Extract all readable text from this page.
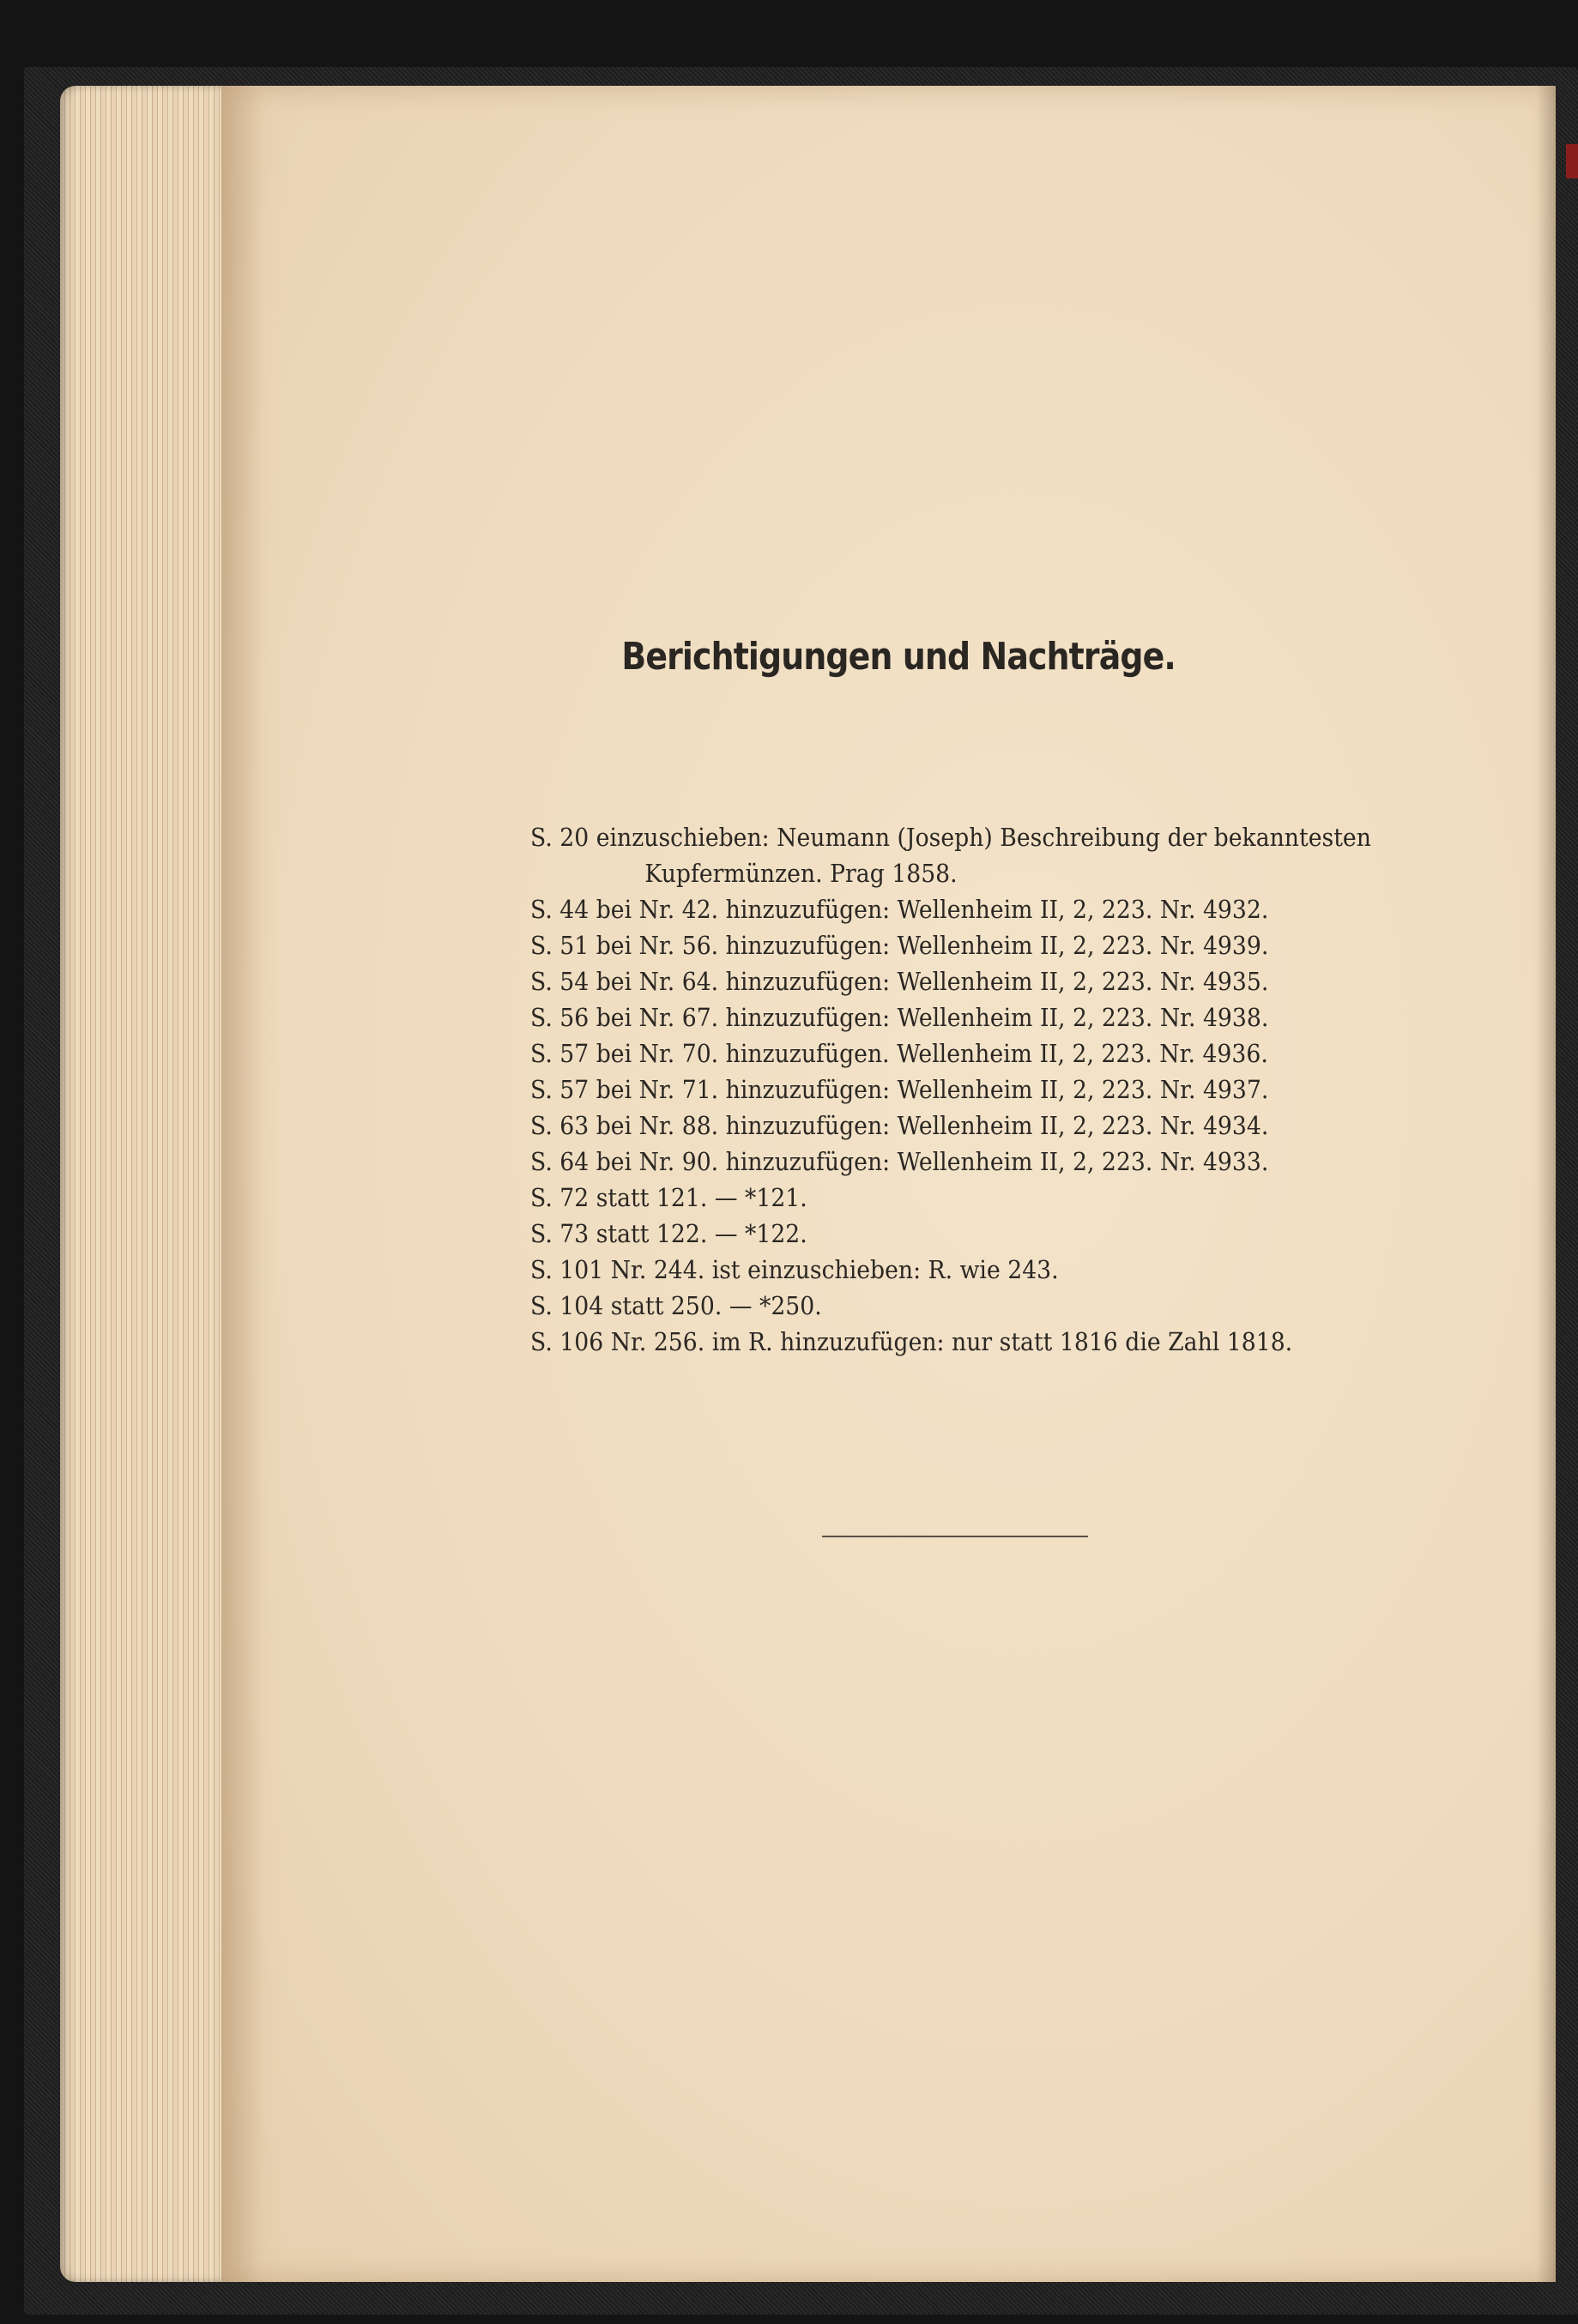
Berichtigungen und Nachträge.
S. 20 einzuschieben: Neumann (Joseph) Beschreibung der bekanntesten
Kupfermünzen. Prag 1858.
S. 44 bei Nr. 42. hinzuzufügen: Wellenheim II, 2, 223. Nr. 4932.
S. 51 bei Nr. 56. hinzuzufügen: Wellenheim II, 2, 223. Nr. 4939.
S. 54 bei Nr. 64. hinzuzufügen: Wellenheim II, 2, 223. Nr. 4935.
S. 56 bei Nr. 67. hinzuzufügen: Wellenheim II, 2, 223. Nr. 4938.
S. 57 bei Nr. 70. hinzuzufügen. Wellenheim II, 2, 223. Nr. 4936.
S. 57 bei Nr. 71. hinzuzufügen: Wellenheim II, 2, 223. Nr. 4937.
S. 63 bei Nr. 88. hinzuzufügen: Wellenheim II, 2, 223. Nr. 4934.
S. 64 bei Nr. 90. hinzuzufügen: Wellenheim II, 2, 223. Nr. 4933.
S. 72 statt 121. — *121.
S. 73 statt 122. — *122.
S. 101 Nr. 244. ist einzuschieben: R. wie 243.
S. 104 statt 250. — *250.
S. 106 Nr. 256. im R. hinzuzufügen: nur statt 1816 die Zahl 1818.
